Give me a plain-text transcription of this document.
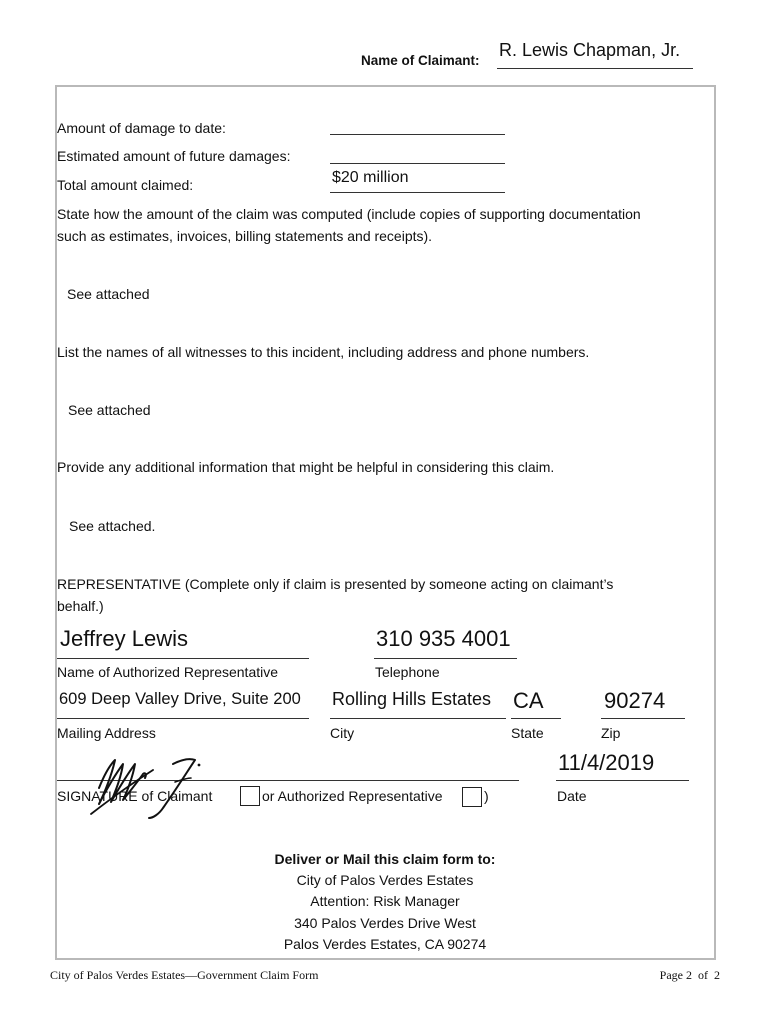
Name of Claimant:
R. Lewis Chapman, Jr.
Amount of damage to date:
Estimated amount of future damages:
Total amount claimed:	$20 million
State how the amount of the claim was computed (include copies of supporting documentation
such as estimates, invoices, billing statements and receipts).
See attached
List the names of all witnesses to this incident, including address and phone numbers.
See attached
Provide any additional information that might be helpful in considering this claim.
See attached.
REPRESENTATIVE (Complete only if claim is presented by someone acting on claimant’s
behalf.)
Jeffrey Lewis
Name of Authorized Representative
310 935 4001
Telephone
609 Deep Valley Drive, Suite 200
Mailing Address
Rolling Hills Estates
City
CA
State
90274
Zip
SIGNATURE of Claimant	or Authorized Representative	)
11/4/2019
Date
Deliver or Mail this claim form to:
City of Palos Verdes Estates
Attention: Risk Manager
340 Palos Verdes Drive West
Palos Verdes Estates, CA 90274
City of Palos Verdes Estates—Government Claim Form	Page 2  of  2
